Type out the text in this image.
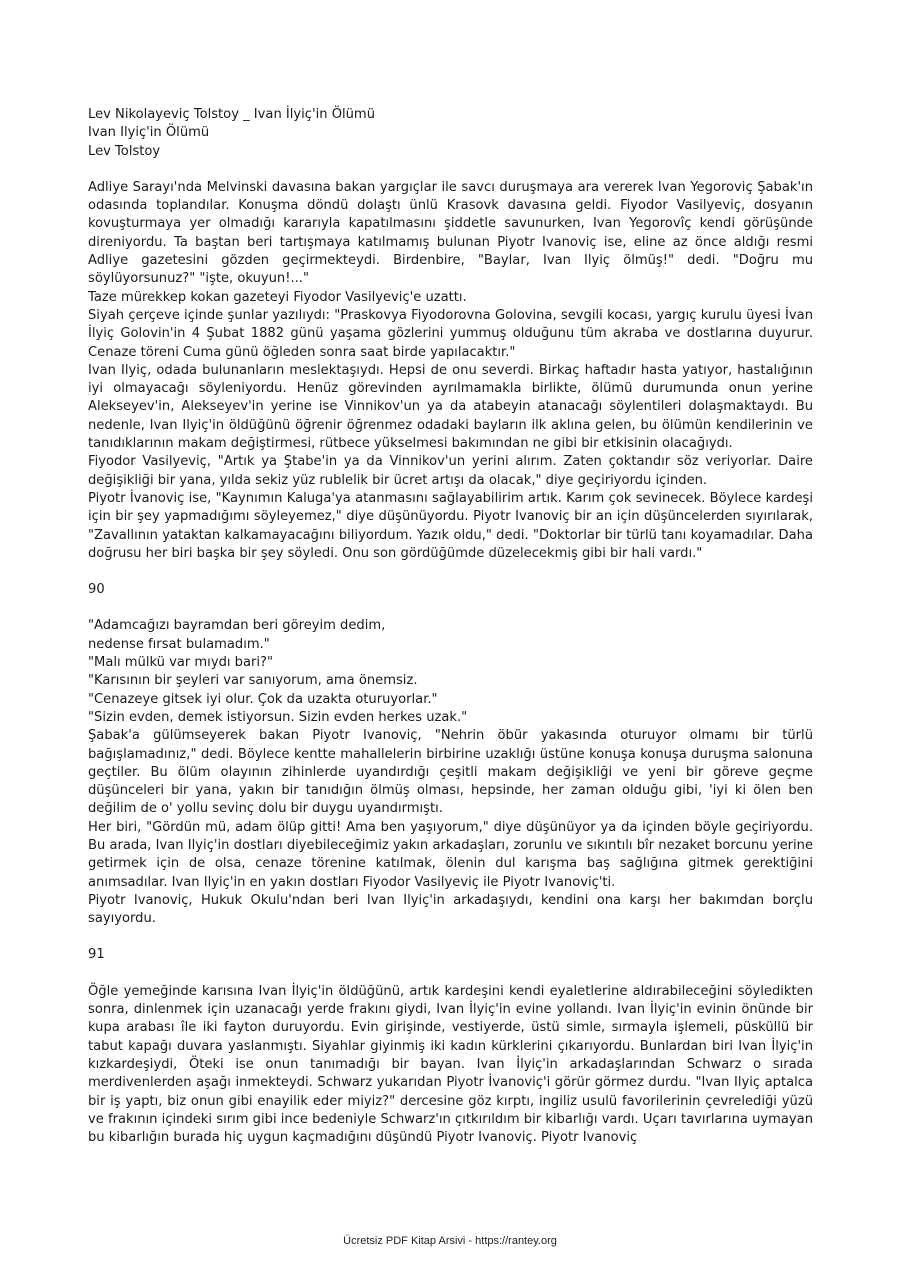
Lev Nikolayeviç Tolstoy _ Ivan İlyiç'in Ölümü
Ivan Ilyiç'in Ölümü
Lev Tolstoy
Adliye Sarayı'nda Melvinski davasına bakan yargıçlar ile savcı duruşmaya ara vererek Ivan Yegoroviç Şabak'ın odasında toplandılar. Konuşma döndü dolaştı ünlü Krasovk davasına geldi. Fiyodor Vasilyeviç, dosyanın kovuşturmaya yer olmadığı kararıyla kapatılmasını şiddetle savunurken, Ivan Yegorovîç kendi görüşünde direniyordu. Ta baştan beri tartışmaya katılmamış bulunan Piyotr Ivanoviç ise, eline az önce aldığı resmi Adliye gazetesini gözden geçirmekteydi. Birdenbire, "Baylar, Ivan Ilyiç ölmüş!" dedi. "Doğru mu söylüyorsunuz?" "işte, okuyun!..."
Taze mürekkep kokan gazeteyi Fiyodor Vasilyeviç'e uzattı.
Siyah çerçeve içinde şunlar yazılıydı: "Praskovya Fiyodorovna Golovina, sevgili kocası, yargıç kurulu üyesi İvan İlyiç Golovin'in 4 Şubat 1882 günü yaşama gözlerini yummuş olduğunu tüm akraba ve dostlarına duyurur. Cenaze töreni Cuma günü öğleden sonra saat birde yapılacaktır."
Ivan Ilyiç, odada bulunanların meslektaşıydı. Hepsi de onu severdi. Birkaç haftadır hasta yatıyor, hastalığının iyi olmayacağı söyleniyordu. Henüz görevinden ayrılmamakla birlikte, ölümü durumunda onun yerine Alekseyev'in, Alekseyev'in yerine ise Vinnikov'un ya da atabeyin atanacağı söylentileri dolaşmaktaydı. Bu nedenle, Ivan Ilyiç'in öldüğünü öğrenir öğrenmez odadaki bayların ilk aklına gelen, bu ölümün kendilerinin ve tanıdıklarının makam değiştirmesi, rütbece yükselmesi bakımından ne gibi bir etkisinin olacağıydı.
Fiyodor Vasilyeviç, "Artık ya Ştabe'in ya da Vinnikov'un yerini alırım. Zaten çoktandır söz veriyorlar. Daire değişikliği bir yana, yılda sekiz yüz rublelik bir ücret artışı da olacak," diye geçiriyordu içinden.
Piyotr İvanoviç ise, "Kaynımın Kaluga'ya atanmasını sağlayabilirim artık. Karım çok sevinecek. Böylece kardeşi için bir şey yapmadığımı söyleyemez," diye düşünüyordu. Piyotr Ivanoviç bir an için düşüncelerden sıyırılarak, "Zavallının yataktan kalkamayacağını biliyordum. Yazık oldu," dedi. "Doktorlar bir türlü tanı koyamadılar. Daha doğrusu her biri başka bir şey söyledi. Onu son gördüğümde düzelecekmiş gibi bir hali vardı."
90
"Adamcağızı bayramdan beri göreyim dedim,
nedense fırsat bulamadım."
"Malı mülkü var mıydı bari?"
"Karısının bir şeyleri var sanıyorum, ama önemsiz.
"Cenazeye gitsek iyi olur. Çok da uzakta oturuyorlar."
"Sizin evden, demek istiyorsun. Sizin evden herkes uzak."
Şabak'a gülümseyerek bakan Piyotr Ivanoviç, "Nehrin öbür yakasında oturuyor olmamı bir türlü bağışlamadınız," dedi. Böylece kentte mahallelerin birbirine uzaklığı üstüne konuşa konuşa duruşma salonuna geçtiler. Bu ölüm olayının zihinlerde uyandırdığı çeşitli makam değişikliği ve yeni bir göreve geçme düşünceleri bir yana, yakın bir tanıdığın ölmüş olması, hepsinde, her zaman olduğu gibi, 'iyi ki ölen ben değilim de o' yollu sevinç dolu bir duygu uyandırmıştı.
Her biri, "Gördün mü, adam ölüp gitti! Ama ben yaşıyorum," diye düşünüyor ya da içinden böyle geçiriyordu. Bu arada, Ivan Ilyiç'in dostları diyebileceğimiz yakın arkadaşları, zorunlu ve sıkıntılı bîr nezaket borcunu yerine getirmek için de olsa, cenaze törenine katılmak, ölenin dul karışma baş sağlığına gitmek gerektiğini anımsadılar. Ivan Ilyiç'in en yakın dostları Fiyodor Vasilyeviç ile Piyotr Ivanoviç'ti.
Piyotr Ivanoviç, Hukuk Okulu'ndan beri Ivan Ilyiç'in arkadaşıydı, kendini ona karşı her bakımdan borçlu sayıyordu.
91
Öğle yemeğinde karısına Ivan İlyiç'in öldüğünü, artık kardeşini kendi eyaletlerine aldırabileceğini söyledikten sonra, dinlenmek için uzanacağı yerde frakını giydi, Ivan İlyiç'in evine yollandı. Ivan İlyiç'in evinin önünde bir kupa arabası île iki fayton duruyordu. Evin girişinde, vestiyerde, üstü simle, sırmayla işlemeli, püsküllü bir tabut kapağı duvara yaslanmıştı. Siyahlar giyinmiş iki kadın kürklerini çıkarıyordu. Bunlardan biri Ivan İlyiç'in kızkardeşiydi, Öteki ise onun tanımadığı bir bayan. Ivan İlyiç'in arkadaşlarından Schwarz o sırada merdivenlerden aşağı inmekteydi. Schwarz yukarıdan Piyotr İvanoviç'i görür görmez durdu. "Ivan Ilyiç aptalca bir iş yaptı, biz onun gibi enayilik eder miyiz?" dercesine göz kırptı, ingiliz usulü favorilerinin çevrelediği yüzü ve frakının içindeki sırım gibi ince bedeniyle Schwarz'ın çıtkırıldım bir kibarlığı vardı. Uçarı tavırlarına uymayan bu kibarlığın burada hiç uygun kaçmadığını düşündü Piyotr Ivanoviç. Piyotr Ivanoviç
Ücretsiz PDF Kitap Arsivi - https://rantey.org
